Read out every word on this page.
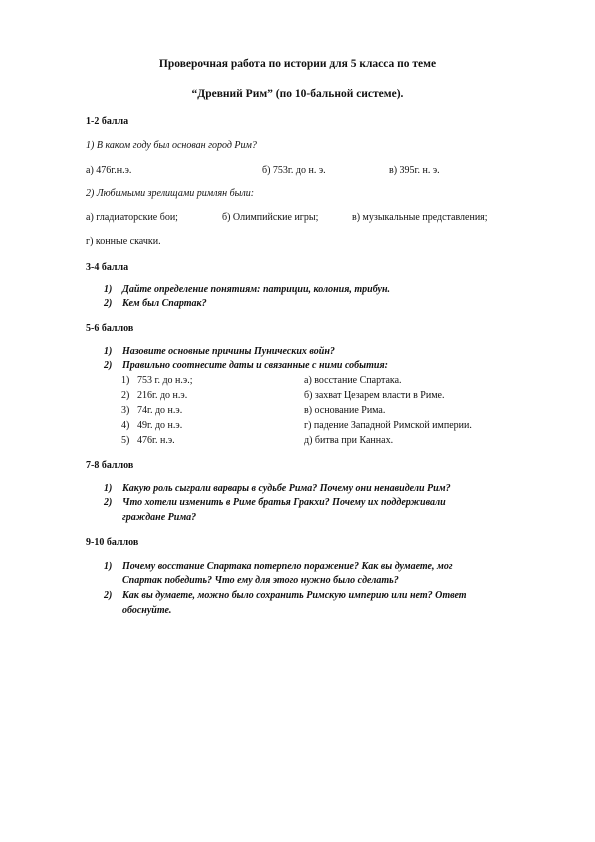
Проверочная работа по истории для 5 класса по теме
“Древний Рим” (по 10-бальной системе).
1-2 балла
1) В каком году был основан город Рим?
а) 476г.н.э.	б) 753г. до н. э.	в) 395г. н. э.
2) Любимыми зрелищами римлян были:
а) гладиаторские бои;	б) Олимпийские игры;	в) музыкальные представления;
г) конные скачки.
3-4 балла
1) Дайте определение понятиям: патриции, колония, трибун.
2) Кем был Спартак?
5-6 баллов
1) Назовите основные причины Пунических войн?
2) Правильно соотнесите даты и связанные с ними события:
1) 753 г. до н.э.;	а) восстание Спартака.
2) 216г. до н.э.	б) захват Цезарем власти в Риме.
3) 74г. до н.э.	в) основание Рима.
4) 49г. до н.э.	г) падение Западной Римской империи.
5) 476г. н.э.	д) битва при Каннах.
7-8 баллов
1) Какую роль сыграли варвары в судьбе Рима? Почему они ненавидели Рим?
2) Что хотели изменить в Риме братья Гракхи? Почему их поддерживали
граждане Рима?
9-10 баллов
1) Почему восстание Спартака потерпело поражение? Как вы думаете, мог
Спартак победить? Что ему для этого нужно было сделать?
2) Как вы думаете, можно было сохранить Римскую империю или нет? Ответ
обоснуйте.
